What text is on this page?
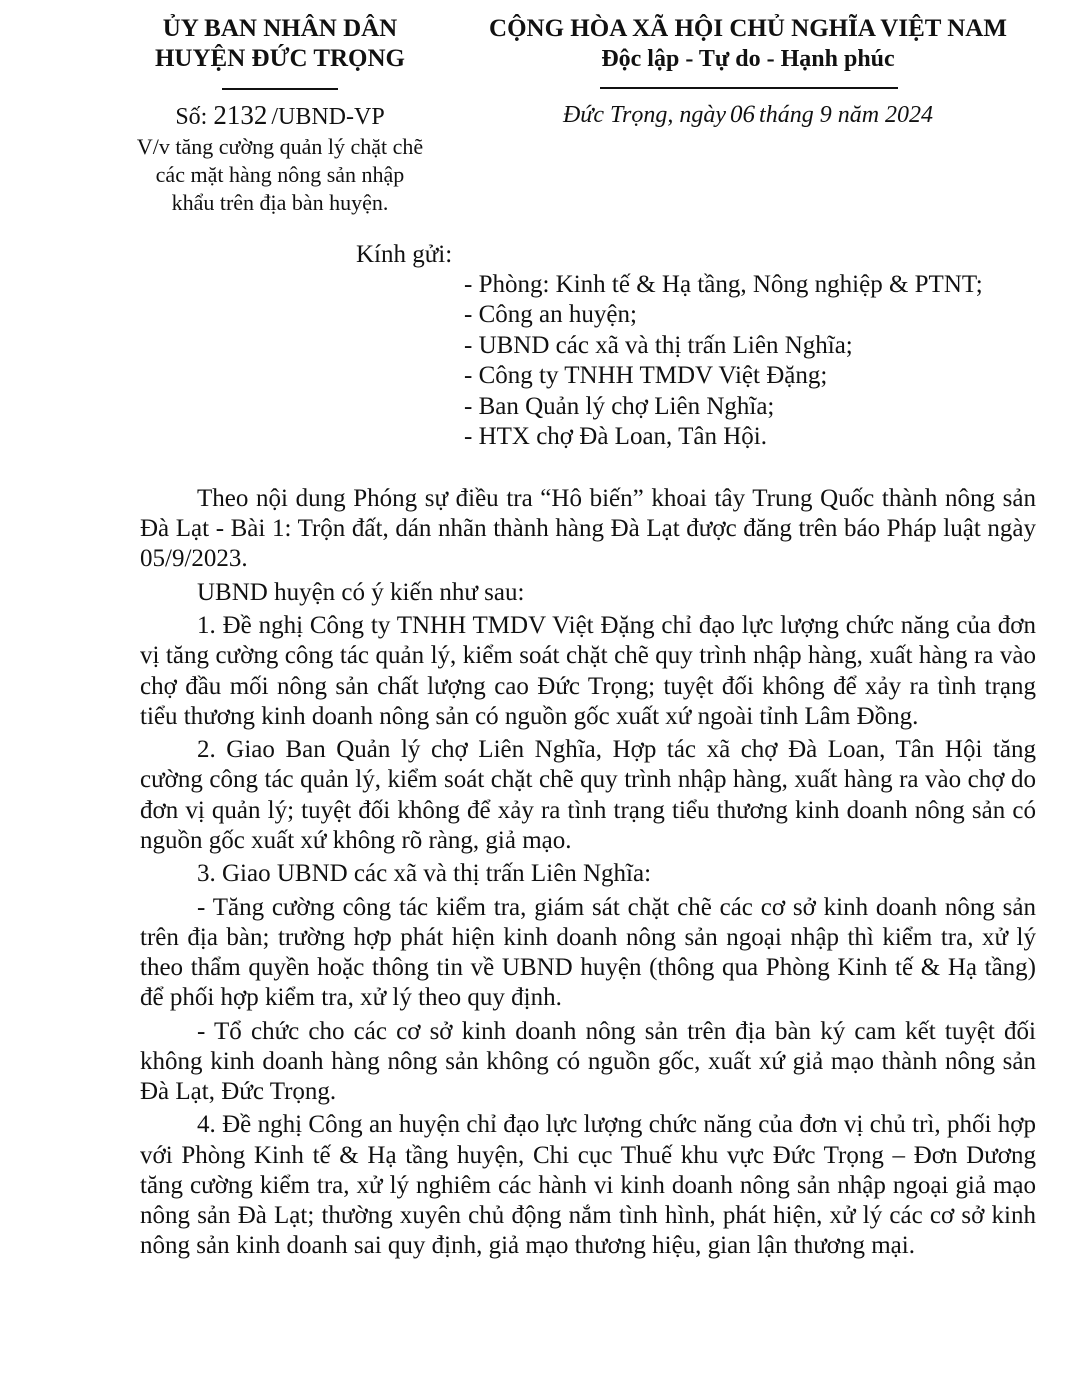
ỦY BAN NHÂN DÂN
HUYỆN ĐỨC TRỌNG
CỘNG HÒA XÃ HỘI CHỦ NGHĨA VIỆT NAM
Độc lập - Tự do - Hạnh phúc
Số: 2132 /UBND-VP
V/v tăng cường quản lý chặt chẽ
các mặt hàng nông sản nhập
khẩu trên địa bàn huyện.
Đức Trọng, ngày 06 tháng 9 năm 2024
Kính gửi:
- Phòng: Kinh tế & Hạ tầng, Nông nghiệp & PTNT;
- Công an huyện;
- UBND các xã và thị trấn Liên Nghĩa;
- Công ty TNHH TMDV Việt Đặng;
- Ban Quản lý chợ Liên Nghĩa;
- HTX chợ Đà Loan, Tân Hội.

Theo nội dung Phóng sự điều tra “Hô biến” khoai tây Trung Quốc thành nông sản Đà Lạt - Bài 1: Trộn đất, dán nhãn thành hàng Đà Lạt được đăng trên báo Pháp luật ngày 05/9/2023.

UBND huyện có ý kiến như sau:

1. Đề nghị Công ty TNHH TMDV Việt Đặng chỉ đạo lực lượng chức năng của đơn vị tăng cường công tác quản lý, kiểm soát chặt chẽ quy trình nhập hàng, xuất hàng ra vào chợ đầu mối nông sản chất lượng cao Đức Trọng; tuyệt đối không để xảy ra tình trạng tiểu thương kinh doanh nông sản có nguồn gốc xuất xứ ngoài tỉnh Lâm Đồng.

2. Giao Ban Quản lý chợ Liên Nghĩa, Hợp tác xã chợ Đà Loan, Tân Hội tăng cường công tác quản lý, kiểm soát chặt chẽ quy trình nhập hàng, xuất hàng ra vào chợ do đơn vị quản lý; tuyệt đối không để xảy ra tình trạng tiểu thương kinh doanh nông sản có nguồn gốc xuất xứ không rõ ràng, giả mạo.

3. Giao UBND các xã và thị trấn Liên Nghĩa:

- Tăng cường công tác kiểm tra, giám sát chặt chẽ các cơ sở kinh doanh nông sản trên địa bàn; trường hợp phát hiện kinh doanh nông sản ngoại nhập thì kiểm tra, xử lý theo thẩm quyền hoặc thông tin về UBND huyện (thông qua Phòng Kinh tế & Hạ tầng) để phối hợp kiểm tra, xử lý theo quy định.

- Tổ chức cho các cơ sở kinh doanh nông sản trên địa bàn ký cam kết tuyệt đối không kinh doanh hàng nông sản không có nguồn gốc, xuất xứ giả mạo thành nông sản Đà Lạt, Đức Trọng.

4. Đề nghị Công an huyện chỉ đạo lực lượng chức năng của đơn vị chủ trì, phối hợp với Phòng Kinh tế & Hạ tầng huyện, Chi cục Thuế khu vực Đức Trọng – Đơn Dương tăng cường kiểm tra, xử lý nghiêm các hành vi kinh doanh nông sản nhập ngoại giả mạo nông sản Đà Lạt; thường xuyên chủ động nắm tình hình, phát hiện, xử lý các cơ sở kinh nông sản kinh doanh sai quy định, giả mạo thương hiệu, gian lận thương mại.
